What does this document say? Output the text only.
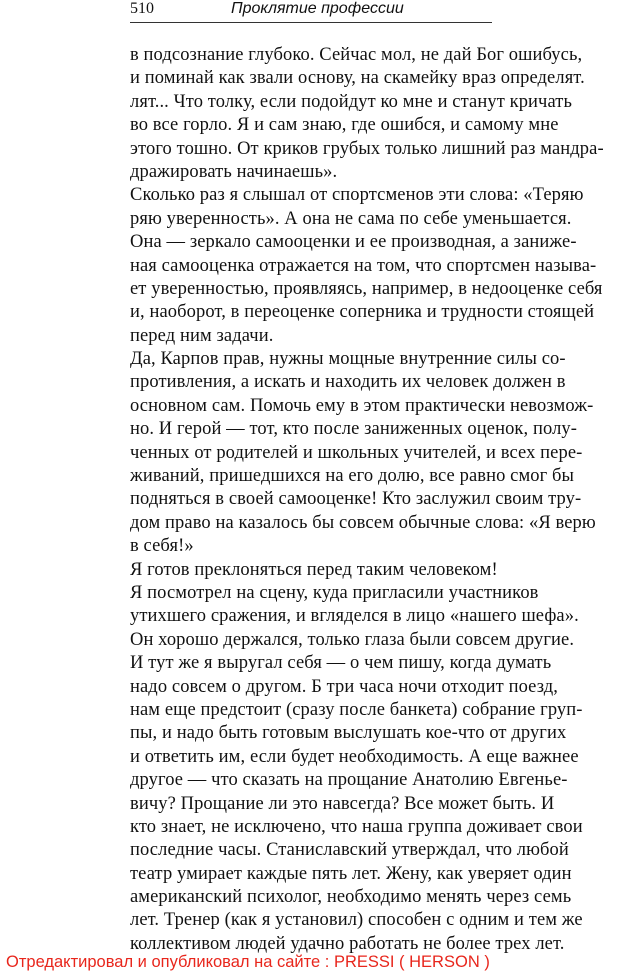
510	Проклятие профессии
в подсознание глубоко. Сейчас мол, не дай Бог ошибусь,
и поминай как звали основу, на скамейку враз определят.
лят... Что толку, если подойдут ко мне и станут кричать
во все горло. Я и сам знаю, где ошибся, и самому мне
этого тошно. От криков грубых только лишний раз мандра-
дражировать начинаешь».
Сколько раз я слышал от спортсменов эти слова: «Теряю
ряю уверенность». А она не сама по себе уменьшается.
Она — зеркало самооценки и ее производная, а заниже-
ная самооценка отражается на том, что спортсмен называ-
ет уверенностью, проявляясь, например, в недооценке себя
и, наоборот, в переоценке соперника и трудности стоящей
перед ним задачи.
Да, Карпов прав, нужны мощные внутренние силы со-
противления, а искать и находить их человек должен в
основном сам. Помочь ему в этом практически невозмож-
но. И герой — тот, кто после заниженных оценок, полу-
ченных от родителей и школьных учителей, и всех пере-
живаний, пришедшихся на его долю, все равно смог бы
подняться в своей самооценке! Кто заслужил своим тру-
дом право на казалось бы совсем обычные слова: «Я верю
в себя!»
Я готов преклоняться перед таким человеком!
Я посмотрел на сцену, куда пригласили участников
утихшего сражения, и вгляделся в лицо «нашего шефа».
Он хорошо держался, только глаза были совсем другие.
И тут же я выругал себя — о чем пишу, когда думать
надо совсем о другом. Б три часа ночи отходит поезд,
нам еще предстоит (сразу после банкета) собрание груп-
пы, и надо быть готовым выслушать кое-что от других
и ответить им, если будет необходимость. А еще важнее
другое — что сказать на прощание Анатолию Евгенье-
вичу? Прощание ли это навсегда? Все может быть. И
кто знает, не исключено, что наша группа доживает свои
последние часы. Станиславский утверждал, что любой
театр умирает каждые пять лет. Жену, как уверяет один
американский психолог, необходимо менять через семь
лет. Тренер (как я установил) способен с одним и тем же
коллективом людей удачно работать не более трех лет.
Отредактировал и опубликовал на сайте : PRESSI ( HERSON )
